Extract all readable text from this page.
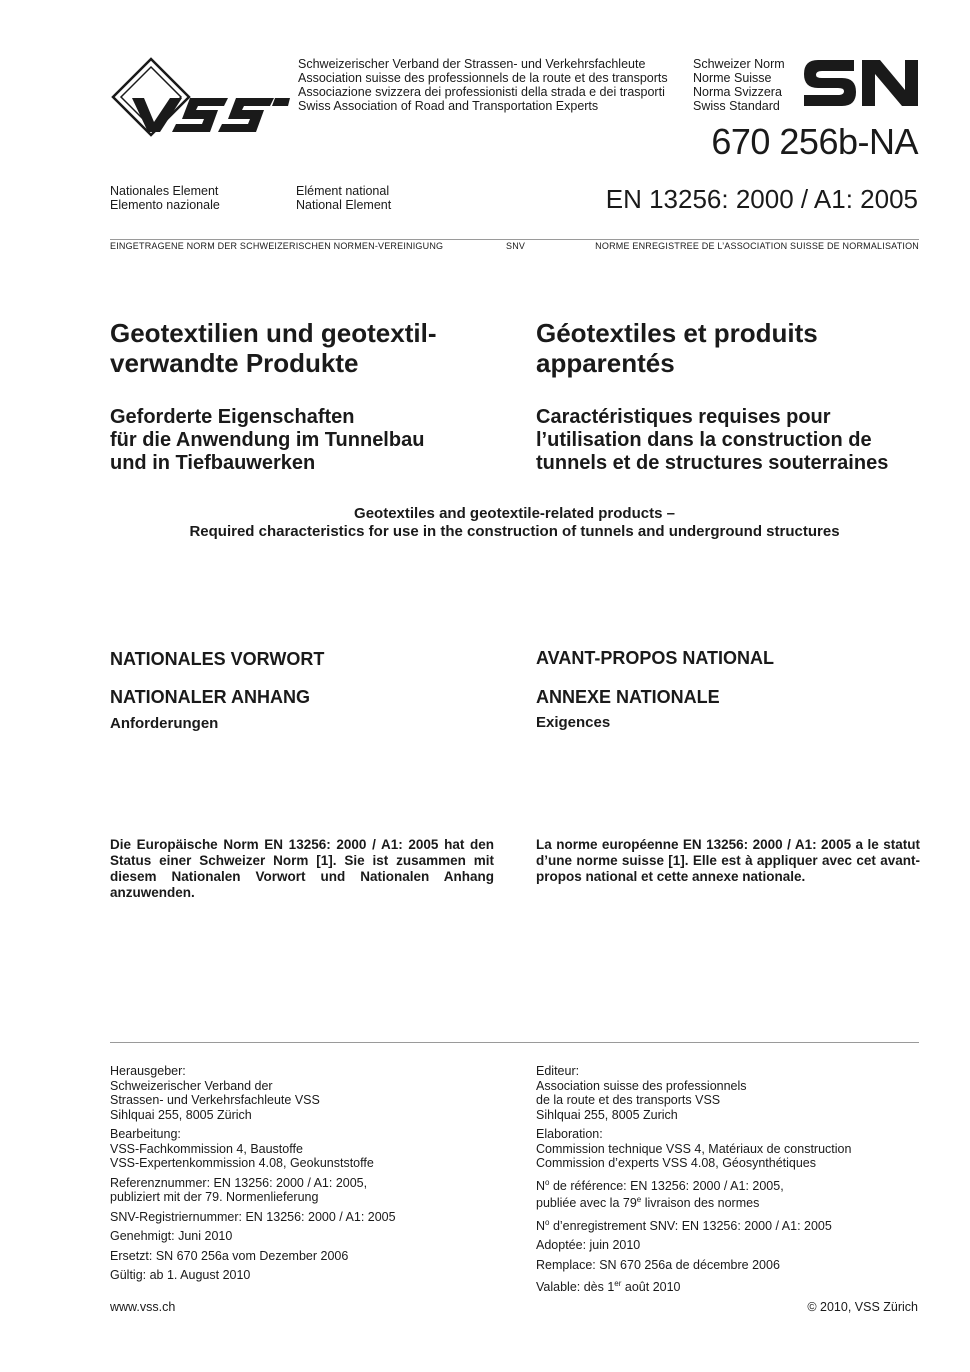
Schweizerischer Verband der Strassen- und Verkehrsfachleute
Association suisse des professionnels de la route et des transports
Associazione svizzera dei professionisti della strada e dei trasporti
Swiss Association of Road and Transportation Experts
Schweizer Norm
Norme Suisse
Norma Svizzera
Swiss Standard
670 256b-NA
Nationales Element
Elemento nazionale
Elément national
National Element	EN 13256: 2000 / A1: 2005
EINGETRAGENE NORM DER SCHWEIZERISCHEN NORMEN-VEREINIGUNG	SNV	NORME ENREGISTREE DE L’ASSOCIATION SUISSE DE NORMALISATION
Geotextilien und geotextil-
verwandte Produkte
Géotextiles et produits
apparentés
Geforderte Eigenschaften
für die Anwendung im Tunnelbau
und in Tiefbauwerken
Caractéristiques requises pour
l’utilisation dans la construction de
tunnels et de structures souterraines
Geotextiles and geotextile-related products –
Required characteristics for use in the construction of tunnels and underground structures
NATIONALES VORWORT	AVANT-PROPOS NATIONAL
NATIONALER ANHANG	ANNEXE NATIONALE
Anforderungen	Exigences
Die Europäische Norm EN 13256: 2000 / A1: 2005 hat den Status einer Schweizer Norm [1]. Sie ist zusammen mit diesem Nationalen Vorwort und Nationalen Anhang anzuwenden.
La norme européenne EN 13256: 2000 / A1: 2005 a le statut d’une norme suisse [1]. Elle est à appliquer avec cet avant-propos national et cette annexe nationale.

Herausgeber:

Schweizerischer Verband der

Strassen- und Verkehrsfachleute VSS

Sihlquai 255, 8005 Zürich

Bearbeitung:

VSS-Fachkommission 4, Baustoffe

VSS-Expertenkommission 4.08, Geokunststoffe

Referenznummer: EN 13256: 2000 / A1: 2005,

publiziert mit der 79. Normenlieferung

SNV-Registriernummer: EN 13256: 2000 / A1: 2005

Genehmigt: Juni 2010

Ersetzt: SN 670 256a vom Dezember 2006

Gültig: ab 1. August 2010

Editeur:

Association suisse des professionnels

de la route et des transports VSS

Sihlquai 255, 8005 Zurich

Elaboration:

Commission technique VSS 4, Matériaux de construction

Commission d’experts VSS 4.08, Géosynthétiques

$N^o$ de référence: EN 13256: 2000 / A1: 2005,

publiée avec la 79e livraison des normes

$N^o$ d’enregistrement SNV: EN 13256: 2000 / A1: 2005

Adoptée: juin 2010

Remplace: SN 670 256a de décembre 2006

Valable: dès 1er août 2010

www.vss.ch	© 2010, VSS Zürich
